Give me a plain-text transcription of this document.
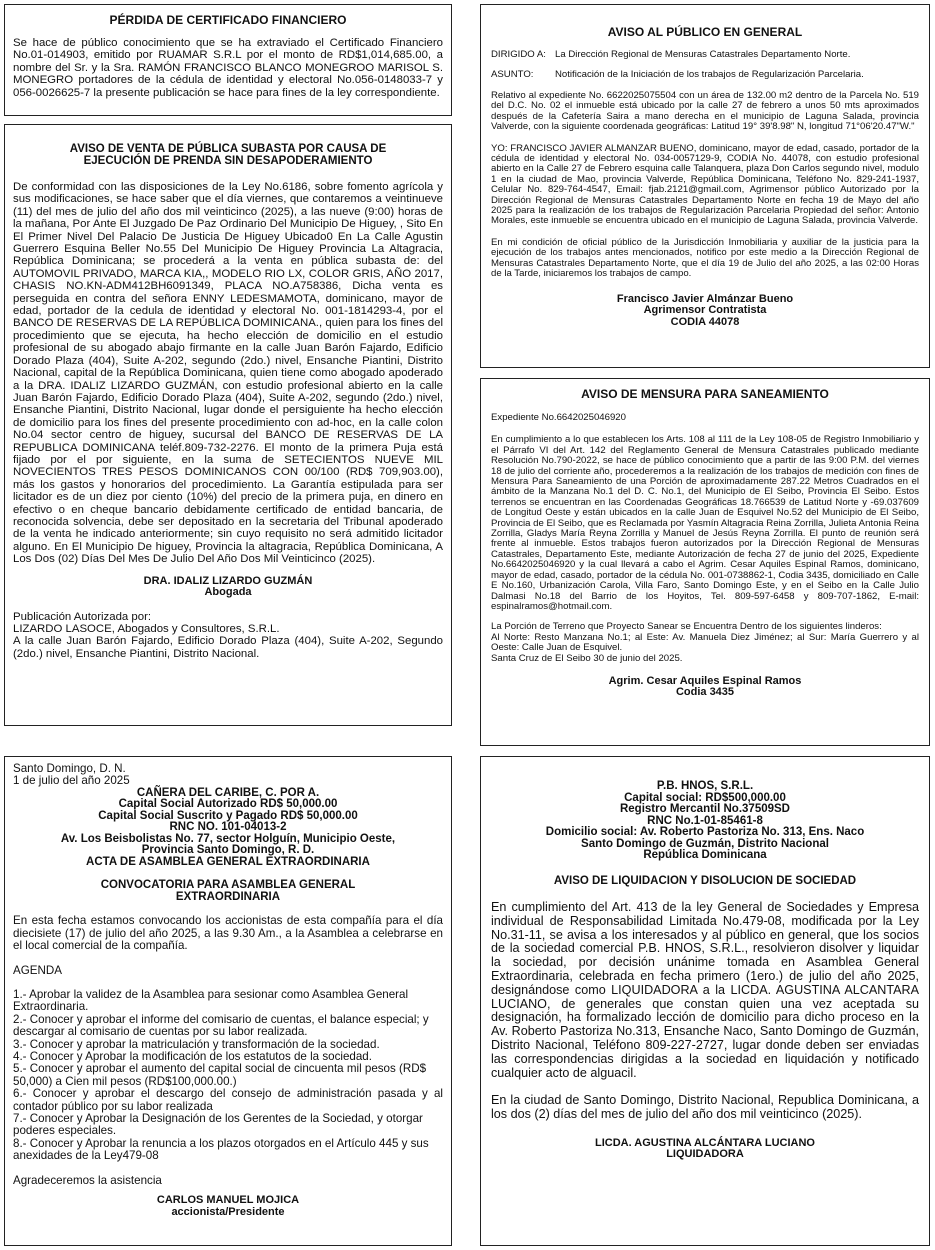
PÉRDIDA DE CERTIFICADO FINANCIERO

Se hace de público conocimiento que se ha extraviado el Certificado Financiero No.01-014903, emitido por RUAMAR S.R.L por el monto de RD$1,014,685.00, a nombre del Sr. y la Sra. RAMÓN FRANCISCO BLANCO MONEGROO MARISOL S. MONEGRO portadores de la cédula de identidad y electoral No.056-0148033-7 y 056-0026625-7 la presente publicación se hace para fines de la ley correspondiente.

AVISO DE VENTA DE PÚBLICA SUBASTA POR CAUSA DE
EJECUCIÓN DE PRENDA SIN DESAPODERAMIENTO

De conformidad con las disposiciones de la Ley No.6186, sobre fomento agrícola y sus modificaciones, se hace saber que el día viernes, que contaremos a veintinueve (11) del mes de julio del año dos mil veinticinco (2025), a las nueve (9:00) horas de la mañana, Por Ante El Juzgado De Paz Ordinario Del Municipio De Higuey, , Sito En El Primer Nivel Del Palacio De Justicia De Higuey Ubicado0 En La Calle Agustin Guerrero Esquina Beller No.55 Del Municipio De Higuey Provincia La Altagracia, República Dominicana; se procederá a la venta en pública subasta de: del AUTOMOVIL PRIVADO, MARCA KIA,, MODELO RIO LX, COLOR GRIS, AÑO 2017, CHASIS NO.KN-ADM412BH6091349, PLACA NO.A758386, Dicha venta es perseguida en contra del señora ENNY LEDESMAMOTA, dominicano, mayor de edad, portador de la cedula de identidad y electoral No. 001-1814293-4, por el BANCO DE RESERVAS DE LA REPÚBLICA DOMINICANA., quien para los fines del procedimiento que se ejecuta, ha hecho elección de domicilio en el estudio profesional de su abogado abajo firmante en la calle Juan Barón Fajardo, Edificio Dorado Plaza (404), Suite A-202, segundo (2do.) nivel, Ensanche Piantini, Distrito Nacional, capital de la República Dominicana, quien tiene como abogado apoderado a la DRA. IDALIZ LIZARDO GUZMÁN, con estudio profesional abierto en la calle Juan Barón Fajardo, Edificio Dorado Plaza (404), Suite A-202, segundo (2do.) nivel, Ensanche Piantini, Distrito Nacional, lugar donde el persiguiente ha hecho elección de domicilio para los fines del presente procedimiento con ad-hoc, en la calle colon No.04 sector centro de higuey, sucursal del BANCO DE RESERVAS DE LA REPUBLICA DOMINICANA teléf.809-732-2276. El monto de la primera Puja está fijado por el por siguiente, en la suma de SETECIENTOS NUEVE MIL NOVECIENTOS TRES PESOS DOMINICANOS CON 00/100 (RD$ 709,903.00), más los gastos y honorarios del procedimiento. La Garantía estipulada para ser licitador es de un diez por ciento (10%) del precio de la primera puja, en dinero en efectivo o en cheque bancario debidamente certificado de entidad bancaria, de reconocida solvencia, debe ser depositado en la secretaria del Tribunal apoderado de la venta he indicado anteriormente; sin cuyo requisito no será admitido licitador alguno. En El Municipio De higuey, Provincia la altagracia, República Dominicana, A Los Dos (02) Días Del Mes De Julio Del Año Dos Mil Veinticinco (2025).

DRA. IDALIZ LIZARDO GUZMÁN

Abogada

Publicación Autorizada por:

LIZARDO LASOCE, Abogados y Consultores, S.R.L.

A la calle Juan Barón Fajardo, Edificio Dorado Plaza (404), Suite A-202, Segundo (2do.) nivel, Ensanche Piantini, Distrito Nacional.

AVISO AL PÚBLICO EN GENERAL

DIRIGIDO A: La Dirección Regional de Mensuras Catastrales Departamento Norte.
ASUNTO:	Notificación de la Iniciación de los trabajos de Regularización Parcelaria.

Relativo al expediente No. 6622025075504 con un área de 132.00 m2 dentro de la Parcela No. 519 del D.C. No. 02 el inmueble está ubicado por la calle 27 de febrero a unos 50 mts aproximados después de la Cafetería Saira a mano derecha en el municipio de Laguna Salada, provincia Valverde, con la siguiente coordenada geográficas: Latitud 19° 39'8.98" N, longitud 71°06'20.47"W."

YO: FRANCISCO JAVIER ALMANZAR BUENO, dominicano, mayor de edad, casado, portador de la cédula de identidad y electoral No. 034-0057129-9, CODIA No. 44078, con estudio profesional abierto en la Calle 27 de Febrero esquina calle Talanquera, plaza Don Carlos segundo nivel, modulo 1 en la ciudad de Mao, provincia Valverde, República Dominicana, Teléfono No. 829-241-1937, Celular No. 829-764-4547, Email: fjab.2121@gmail.com, Agrimensor público Autorizado por la Dirección Regional de Mensuras Catastrales Departamento Norte en fecha 19 de Mayo del año 2025 para la realización de los trabajos de Regularización Parcelaria Propiedad del señor: Antonio Morales, este inmueble se encuentra ubicado en el municipio de Laguna Salada, provincia Valverde.

En mi condición de oficial público de la Jurisdicción Inmobiliaria y auxiliar de la justicia para la ejecución de los trabajos antes mencionados, notifico por este medio a la Dirección Regional de Mensuras Catastrales Departamento Norte, que el día 19 de Julio del año 2025, a las 02:00 Horas de la Tarde, iniciaremos los trabajos de campo.

Francisco Javier Almánzar Bueno

Agrimensor Contratista

CODIA 44078

AVISO DE MENSURA PARA SANEAMIENTO

Expediente No.6642025046920

En cumplimiento a lo que establecen los Arts. 108 al 111 de la Ley 108-05 de Registro Inmobiliario y el Párrafo VI del Art. 142 del Reglamento General de Mensura Catastrales publicado mediante Resolución No.790-2022, se hace de público conocimiento que a partir de las 9:00 P.M. del viernes 18 de julio del corriente año, procederemos a la realización de los trabajos de medición con fines de Mensura Para Saneamiento de una Porción de aproximadamente 287.22 Metros Cuadrados en el ámbito de la Manzana No.1 del D. C. No.1, del Municipio de El Seibo, Provincia El Seibo. Estos terrenos se encuentran en las Coordenadas Geográficas 18.766539 de Latitud Norte y -69.037609 de Longitud Oeste y están ubicados en la calle Juan de Esquivel No.52 del Municipio de El Seibo, Provincia de El Seibo, que es Reclamada por Yasmín Altagracia Reina Zorrilla, Julieta Antonia Reina Zorrilla, Gladys María Reyna Zorrilla y Manuel de Jesús Reyna Zorrilla. El punto de reunión será frente al inmueble. Estos trabajos fueron autorizados por la Dirección Regional de Mensuras Catastrales, Departamento Este, mediante Autorización de fecha 27 de junio del 2025, Expediente No.6642025046920 y la cual llevará a cabo el Agrim. Cesar Aquiles Espinal Ramos, dominicano, mayor de edad, casado, portador de la cédula No. 001-0738862-1, Codia 3435, domiciliado en Calle E No.160, Urbanización Carola, Villa Faro, Santo Domingo Este, y en el Seibo en la Calle Julio Dalmasi No.18 del Barrio de los Hoyitos, Tel. 809-597-6458 y 809-707-1862, E-mail: espinalramos@hotmail.com.

La Porción de Terreno que Proyecto Sanear se Encuentra Dentro de los siguientes linderos:

Al Norte: Resto Manzana No.1; al Este: Av. Manuela Diez Jiménez; al Sur: María Guerrero y al Oeste: Calle Juan de Esquivel.

Santa Cruz de El Seibo 30 de junio del 2025.

Agrim. Cesar Aquiles Espinal Ramos

Codia 3435

Santo Domingo, D. N.

1 de julio del año 2025

CAÑERA DEL CARIBE, C. POR A.

Capital Social Autorizado RD$ 50,000.00

Capital Social Suscrito y Pagado RD$ 50,000.00

RNC NO. 101-04013-2

Av. Los Beisbolistas No. 77, sector Holguín, Municipio Oeste,

Provincia Santo Domingo, R. D.

ACTA DE ASAMBLEA GENERAL EXTRAORDINARIA

CONVOCATORIA PARA ASAMBLEA GENERAL

EXTRAORDINARIA

En esta fecha estamos convocando los accionistas de esta compañía para el día diecisiete (17) de julio del año 2025, a las 9.30 Am., a la Asamblea a celebrarse en el local comercial de la compañía.

AGENDA

1.- Aprobar la validez de la Asamblea para sesionar como Asamblea General Extraordinaria.

2.- Conocer y aprobar el informe del comisario de cuentas, el balance especial; y descargar al comisario de cuentas por su labor realizada.

3.- Conocer y aprobar la matriculación y transformación de la sociedad.

4.- Conocer y Aprobar la modificación de los estatutos de la sociedad.

5.- Conocer y aprobar el aumento del capital social de cincuenta mil pesos (RD$ 50,000) a Cien mil pesos (RD$100,000.00.)

6.- Conocer y aprobar el descargo del consejo de administración pasada y al contador público por su labor realizada

7.- Conocer y Aprobar la Designación de los Gerentes de la Sociedad, y otorgar poderes especiales.

8.- Conocer y Aprobar la renuncia a los plazos otorgados en el Artículo 445 y sus anexidades de la Ley479-08

Agradeceremos la asistencia

CARLOS MANUEL MOJICA

accionista/Presidente

P.B. HNOS, S.R.L.

Capital social: RD$500,000.00

Registro Mercantil No.37509SD

RNC No.1-01-85461-8

Domicilio social: Av. Roberto Pastoriza No. 313, Ens. Naco

Santo Domingo de Guzmán, Distrito Nacional

República Dominicana

AVISO DE LIQUIDACION Y DISOLUCION DE SOCIEDAD

En cumplimiento del Art. 413 de la ley General de Sociedades y Empresa individual de Responsabilidad Limitada No.479-08, modificada por la Ley No.31-11, se avisa a los interesados y al público en general, que los socios de la sociedad comercial P.B. HNOS, S.R.L., resolvieron disolver y liquidar la sociedad, por decisión unánime tomada en Asamblea General Extraordinaria, celebrada en fecha primero (1ero.) de julio del año 2025, designándose como LIQUIDADORA a la LICDA. AGUSTINA ALCANTARA LUCIANO, de generales que constan quien una vez aceptada su designación, ha formalizado lección de domicilio para dicho proceso en la Av. Roberto Pastoriza No.313, Ensanche Naco, Santo Domingo de Guzmán, Distrito Nacional, Teléfono 809-227-2727, lugar donde deben ser enviadas las correspondencias dirigidas a la sociedad en liquidación y notificado cualquier acto de alguacil.

En la ciudad de Santo Domingo, Distrito Nacional, Republica Dominicana, a los dos (2) días del mes de julio del año dos mil veinticinco (2025).

LICDA. AGUSTINA ALCÁNTARA LUCIANO

LIQUIDADORA
